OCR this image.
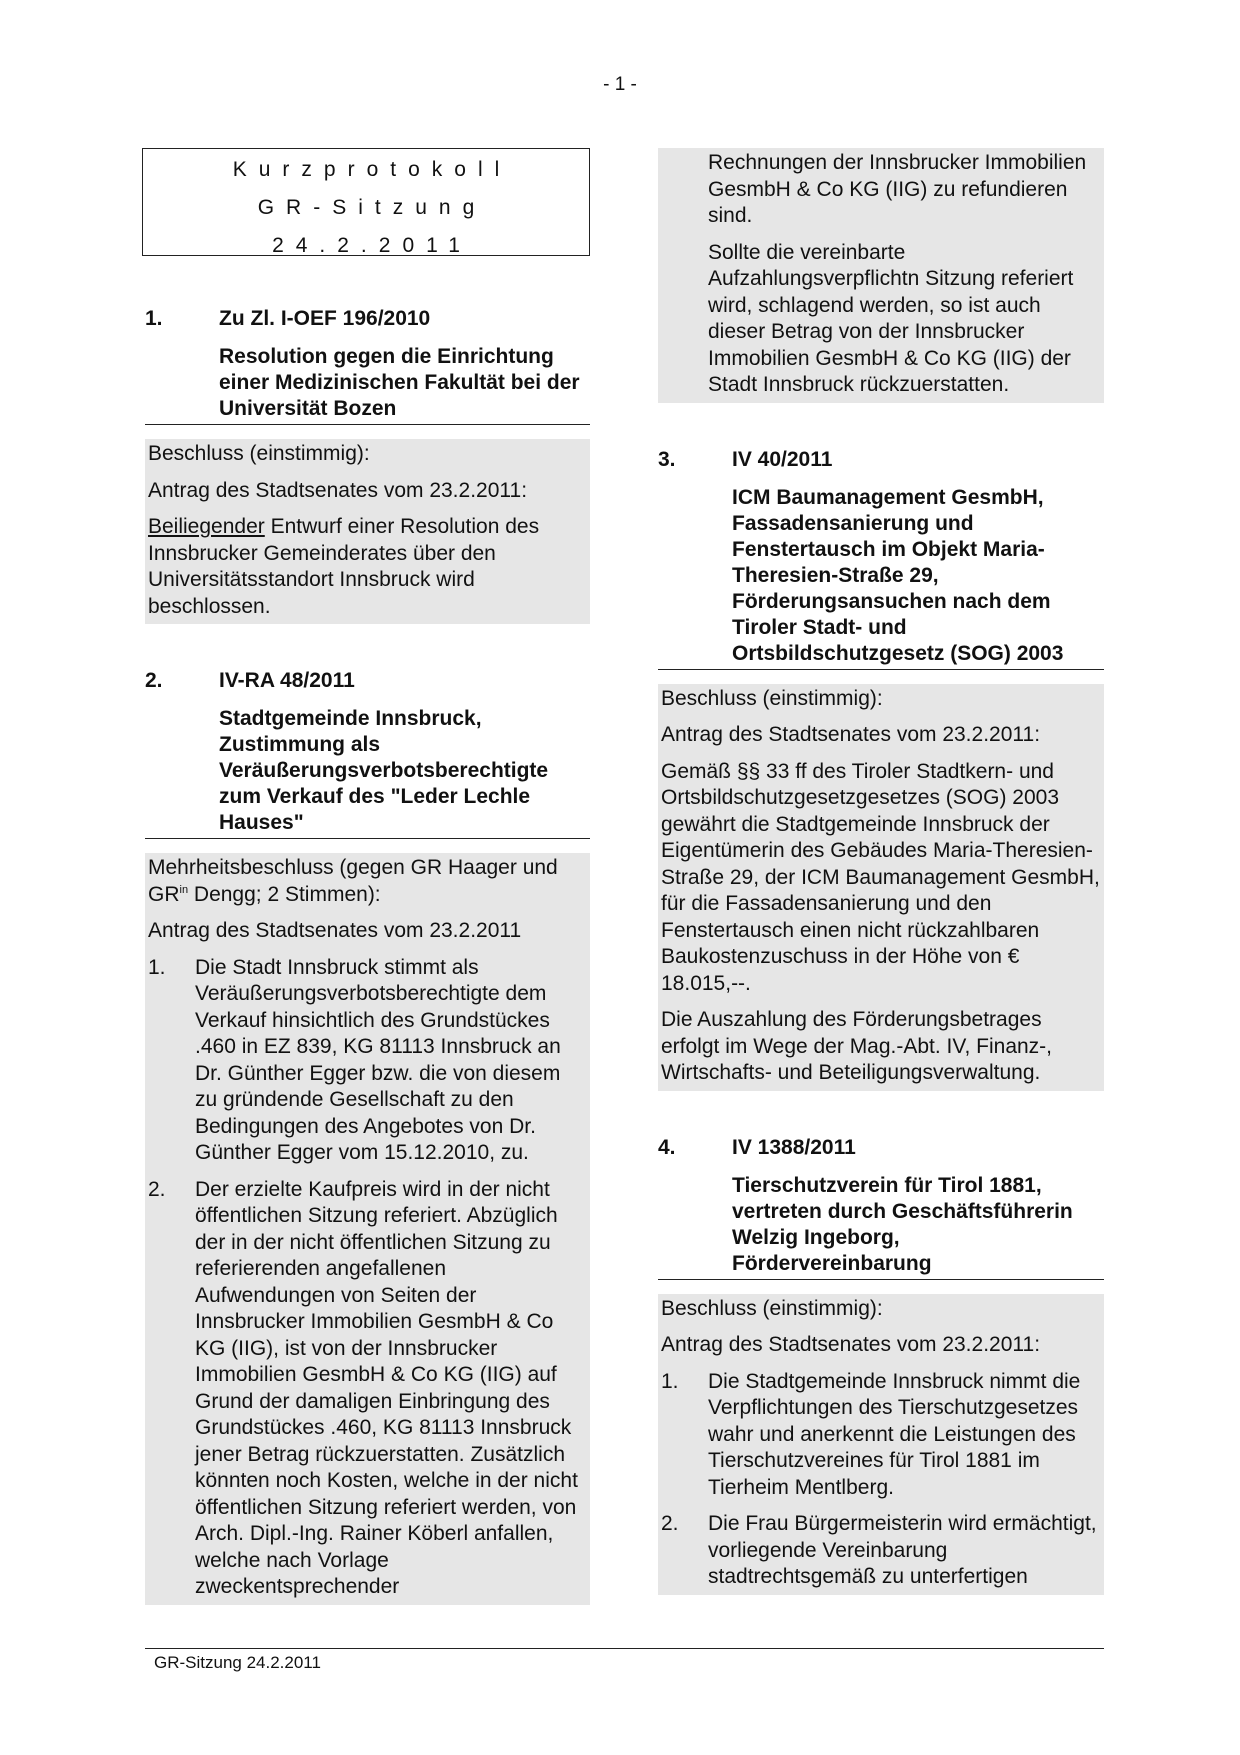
- 1 -
Kurzprotokoll
GR-Sitzung
24.2.2011
1.	Zu Zl. I-OEF 196/2010
Resolution gegen die Einrichtung einer Medizinischen Fakultät bei der Universität Bozen

Beschluss (einstimmig):

Antrag des Stadtsenates vom 23.2.2011:

Beiliegender Entwurf einer Resolution des Innsbrucker Gemeinderates über den Universitätsstandort Innsbruck wird beschlossen.

2.	IV-RA 48/2011
Stadtgemeinde Innsbruck, Zustimmung als Veräußerungsverbotsberechtigte zum Verkauf des "Leder Lechle Hauses"

Mehrheitsbeschluss (gegen GR Haager und $GR^{in}$ Dengg; 2 Stimmen):

Antrag des Stadtsenates vom 23.2.2011

1.	Die Stadt Innsbruck stimmt als Veräußerungsverbotsberechtigte dem Verkauf hinsichtlich des Grundstückes .460 in EZ 839, KG 81113 Innsbruck an Dr. Günther Egger bzw. die von diesem zu gründende Gesellschaft zu den Bedingungen des Angebotes von Dr. Günther Egger vom 15.12.2010, zu.
2.	Der erzielte Kaufpreis wird in der nicht öffentlichen Sitzung referiert. Abzüglich der in der nicht öffentlichen Sitzung zu referierenden angefallenen Aufwendungen von Seiten der Innsbrucker Immobilien GesmbH & Co KG (IIG), ist von der Innsbrucker Immobilien GesmbH & Co KG (IIG) auf Grund der damaligen Einbringung des Grundstückes .460, KG 81113 Innsbruck jener Betrag rückzuerstatten. Zusätzlich könnten noch Kosten, welche in der nicht öffentlichen Sitzung referiert werden, von Arch. Dipl.-Ing. Rainer Köberl anfallen, welche nach Vorlage zweckentsprechender

Rechnungen der Innsbrucker Immobilien GesmbH & Co KG (IIG) zu refundieren sind.

Sollte die vereinbarte Aufzahlungsverpflichtn Sitzung referiert wird, schlagend werden, so ist auch dieser Betrag von der Innsbrucker Immobilien GesmbH & Co KG (IIG) der Stadt Innsbruck rückzuerstatten.

3.	IV 40/2011
ICM Baumanagement GesmbH, Fassadensanierung und Fenstertausch im Objekt Maria-Theresien-Straße 29, Förderungsansuchen nach dem Tiroler Stadt- und Ortsbildschutzgesetz (SOG) 2003

Beschluss (einstimmig):

Antrag des Stadtsenates vom 23.2.2011:

Gemäß §§ 33 ff des Tiroler Stadtkern- und Ortsbildschutzgesetzgesetzes (SOG) 2003 gewährt die Stadtgemeinde Innsbruck der Eigentümerin des Gebäudes Maria-Theresien-Straße 29, der ICM Baumanagement GesmbH, für die Fassadensanierung und den Fenstertausch einen nicht rückzahlbaren Baukostenzuschuss in der Höhe von € 18.015,--.

Die Auszahlung des Förderungsbetrages erfolgt im Wege der Mag.-Abt. IV, Finanz-, Wirtschafts- und Beteiligungsverwaltung.

4.	IV 1388/2011
Tierschutzverein für Tirol 1881, vertreten durch Geschäftsführerin Welzig Ingeborg, Fördervereinbarung

Beschluss (einstimmig):

Antrag des Stadtsenates vom 23.2.2011:

1.	Die Stadtgemeinde Innsbruck nimmt die Verpflichtungen des Tierschutzgesetzes wahr und anerkennt die Leistungen des Tierschutzvereines für Tirol 1881 im Tierheim Mentlberg.
2.	Die Frau Bürgermeisterin wird ermächtigt, vorliegende Vereinbarung stadtrechtsgemäß zu unterfertigen
GR-Sitzung 24.2.2011
